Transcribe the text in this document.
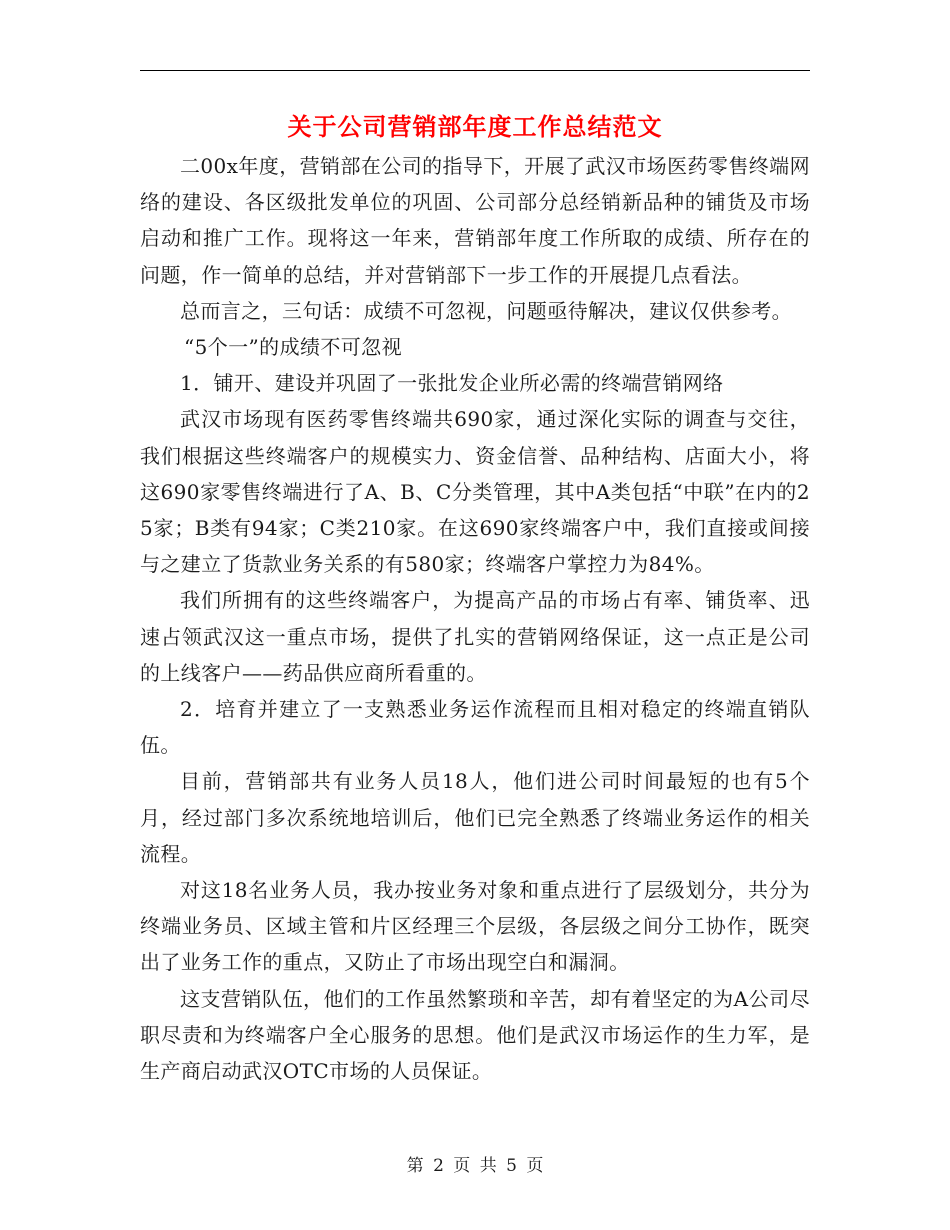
关于公司营销部年度工作总结范文

二00x年度，营销部在公司的指导下，开展了武汉市场医药零售终端网络的建设、各区级批发单位的巩固、公司部分总经销新品种的铺货及市场启动和推广工作。现将这一年来，营销部年度工作所取的成绩、所存在的问题，作一简单的总结，并对营销部下一步工作的开展提几点看法。

总而言之，三句话：成绩不可忽视，问题亟待解决，建议仅供参考。

“5个一”的成绩不可忽视

1．铺开、建设并巩固了一张批发企业所必需的终端营销网络

武汉市场现有医药零售终端共690家，通过深化实际的调查与交往，我们根据这些终端客户的规模实力、资金信誉、品种结构、店面大小，将这690家零售终端进行了A、B、C分类管理，其中A类包括“中联”在内的25家；B类有94家；C类210家。在这690家终端客户中，我们直接或间接与之建立了货款业务关系的有580家；终端客户掌控力为84%。

我们所拥有的这些终端客户，为提高产品的市场占有率、铺货率、迅速占领武汉这一重点市场，提供了扎实的营销网络保证，这一点正是公司的上线客户——药品供应商所看重的。

2．培育并建立了一支熟悉业务运作流程而且相对稳定的终端直销队伍。

目前，营销部共有业务人员18人，他们进公司时间最短的也有5个月，经过部门多次系统地培训后，他们已完全熟悉了终端业务运作的相关流程。

对这18名业务人员，我办按业务对象和重点进行了层级划分，共分为终端业务员、区域主管和片区经理三个层级，各层级之间分工协作，既突出了业务工作的重点，又防止了市场出现空白和漏洞。

这支营销队伍，他们的工作虽然繁琐和辛苦，却有着坚定的为A公司尽职尽责和为终端客户全心服务的思想。他们是武汉市场运作的生力军，是生产商启动武汉OTC市场的人员保证。

第 2 页 共 5 页
